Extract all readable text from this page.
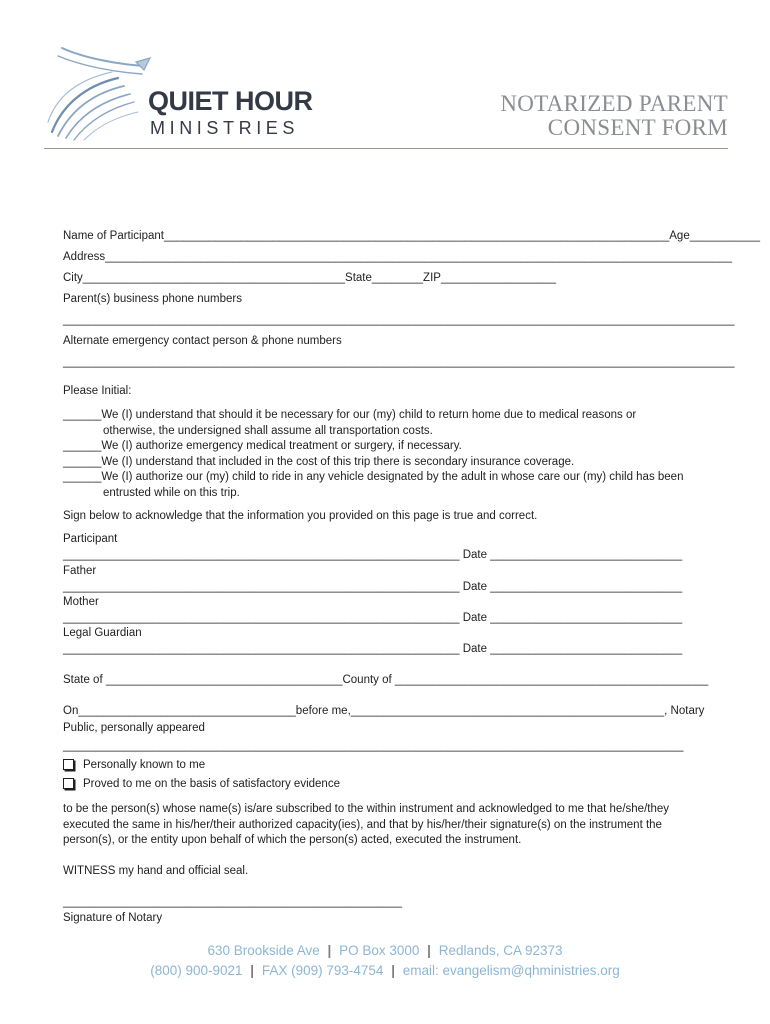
QUIET HOUR
MINISTRIES
NOTARIZED PARENT
CONSENT FORM
Name of Participant_______________________________________________________________________________Age___________
Address__________________________________________________________________________________________________
City_________________________________________State________ZIP__________________
Parent(s) business phone numbers
_________________________________________________________________________________________________________
Alternate emergency contact person & phone numbers
_________________________________________________________________________________________________________
Please Initial:
______We (I) understand that should it be necessary for our (my) child to return home due to medical reasons or
otherwise, the undersigned shall assume all transportation costs.
______We (I) authorize emergency medical treatment or surgery, if necessary.
______We (I) understand that included in the cost of this trip there is secondary insurance coverage.
______We (I) authorize our (my) child to ride in any vehicle designated by the adult in whose care our (my) child has been
entrusted while on this trip.
Sign below to acknowledge that the information you provided on this page is true and correct.
Participant
______________________________________________________________ Date ______________________________
Father
______________________________________________________________ Date ______________________________
Mother
______________________________________________________________ Date ______________________________
Legal Guardian
______________________________________________________________ Date ______________________________
State of _____________________________________County of _________________________________________________
On__________________________________before me,_________________________________________________, Notary
Public, personally appeared
_________________________________________________________________________________________________
Personally known to me
Proved to me on the basis of satisfactory evidence
to be the person(s) whose name(s) is/are subscribed to the within instrument and acknowledged to me that he/she/they
executed the same in his/her/their authorized capacity(ies), and that by his/her/their signature(s) on the instrument the
person(s), or the entity upon behalf of which the person(s) acted, executed the instrument.
WITNESS my hand and official seal.
_____________________________________________________
Signature of Notary
630 Brookside Ave | PO Box 3000 | Redlands, CA 92373
(800) 900-9021 | FAX (909) 793-4754 | email: evangelism@qhministries.org
